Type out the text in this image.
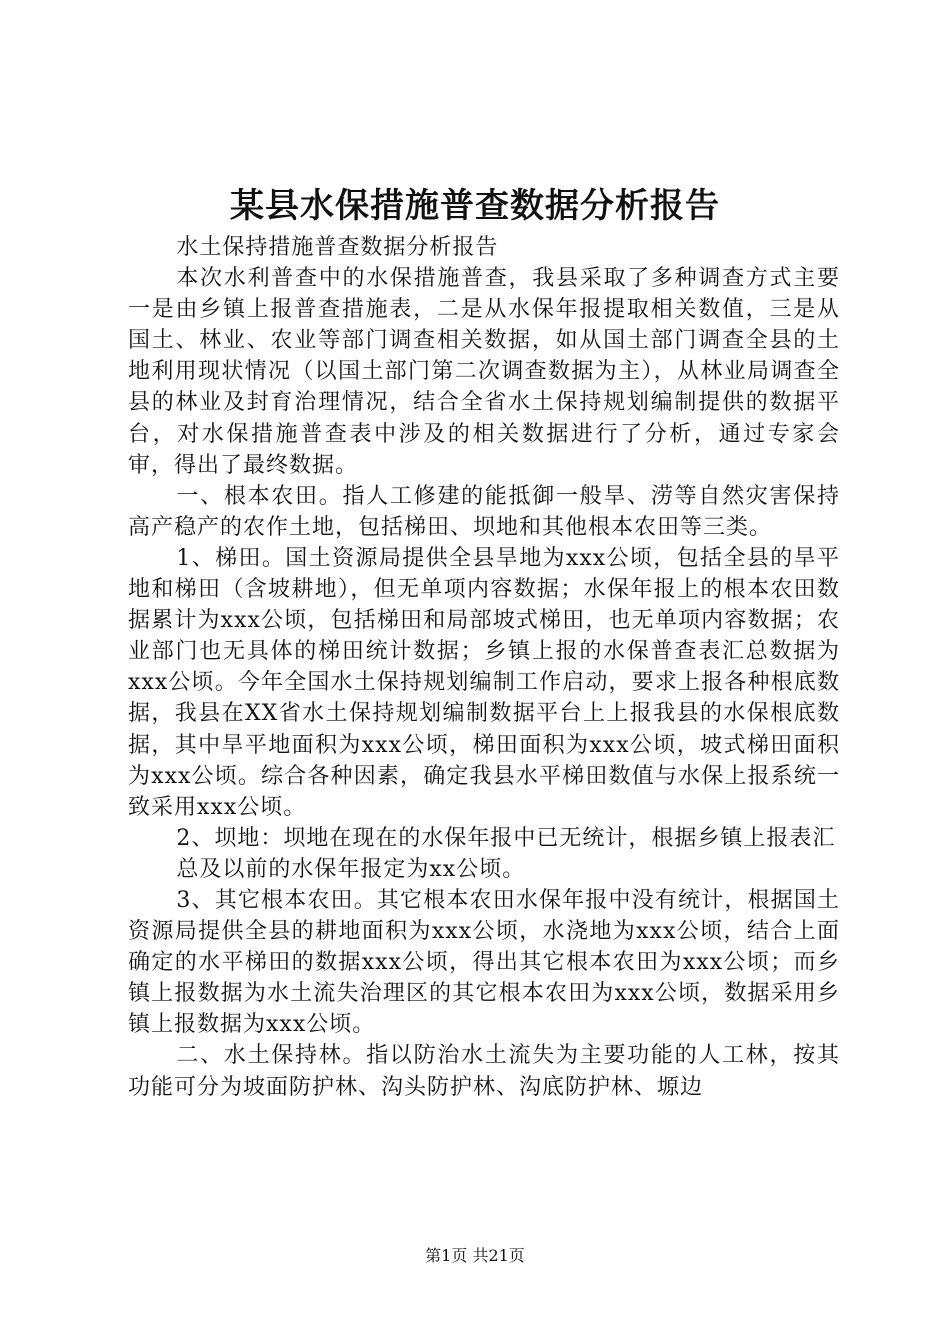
某县水保措施普查数据分析报告

水土保持措施普查数据分析报告

本次水利普查中的水保措施普查，我县采取了多种调查方式主要一是由乡镇上报普查措施表，二是从水保年报提取相关数值，三是从国土、林业、农业等部门调查相关数据，如从国土部门调查全县的土地利用现状情况（以国土部门第二次调查数据为主），从林业局调查全县的林业及封育治理情况，结合全省水土保持规划编制提供的数据平台，对水保措施普查表中涉及的相关数据进行了分析，通过专家会审，得出了最终数据。

一、根本农田。指人工修建的能抵御一般旱、涝等自然灾害保持高产稳产的农作土地，包括梯田、坝地和其他根本农田等三类。

1、梯田。国土资源局提供全县旱地为xxx公顷，包括全县的旱平地和梯田（含坡耕地），但无单项内容数据；水保年报上的根本农田数据累计为xxx公顷，包括梯田和局部坡式梯田，也无单项内容数据；农业部门也无具体的梯田统计数据；乡镇上报的水保普查表汇总数据为xxx公顷。今年全国水土保持规划编制工作启动，要求上报各种根底数据，我县在XX省水土保持规划编制数据平台上上报我县的水保根底数据，其中旱平地面积为xxx公顷，梯田面积为xxx公顷，坡式梯田面积为xxx公顷。综合各种因素，确定我县水平梯田数值与水保上报系统一致采用xxx公顷。

2、坝地：坝地在现在的水保年报中已无统计，根据乡镇上报表汇

总及以前的水保年报定为xx公顷。

3、其它根本农田。其它根本农田水保年报中没有统计，根据国土资源局提供全县的耕地面积为xxx公顷，水浇地为xxx公顷，结合上面确定的水平梯田的数据xxx公顷，得出其它根本农田为xxx公顷；而乡镇上报数据为水土流失治理区的其它根本农田为xxx公顷，数据采用乡镇上报数据为xxx公顷。

二、水土保持林。指以防治水土流失为主要功能的人工林，按其功能可分为坡面防护林、沟头防护林、沟底防护林、塬边

第1页 共21页
